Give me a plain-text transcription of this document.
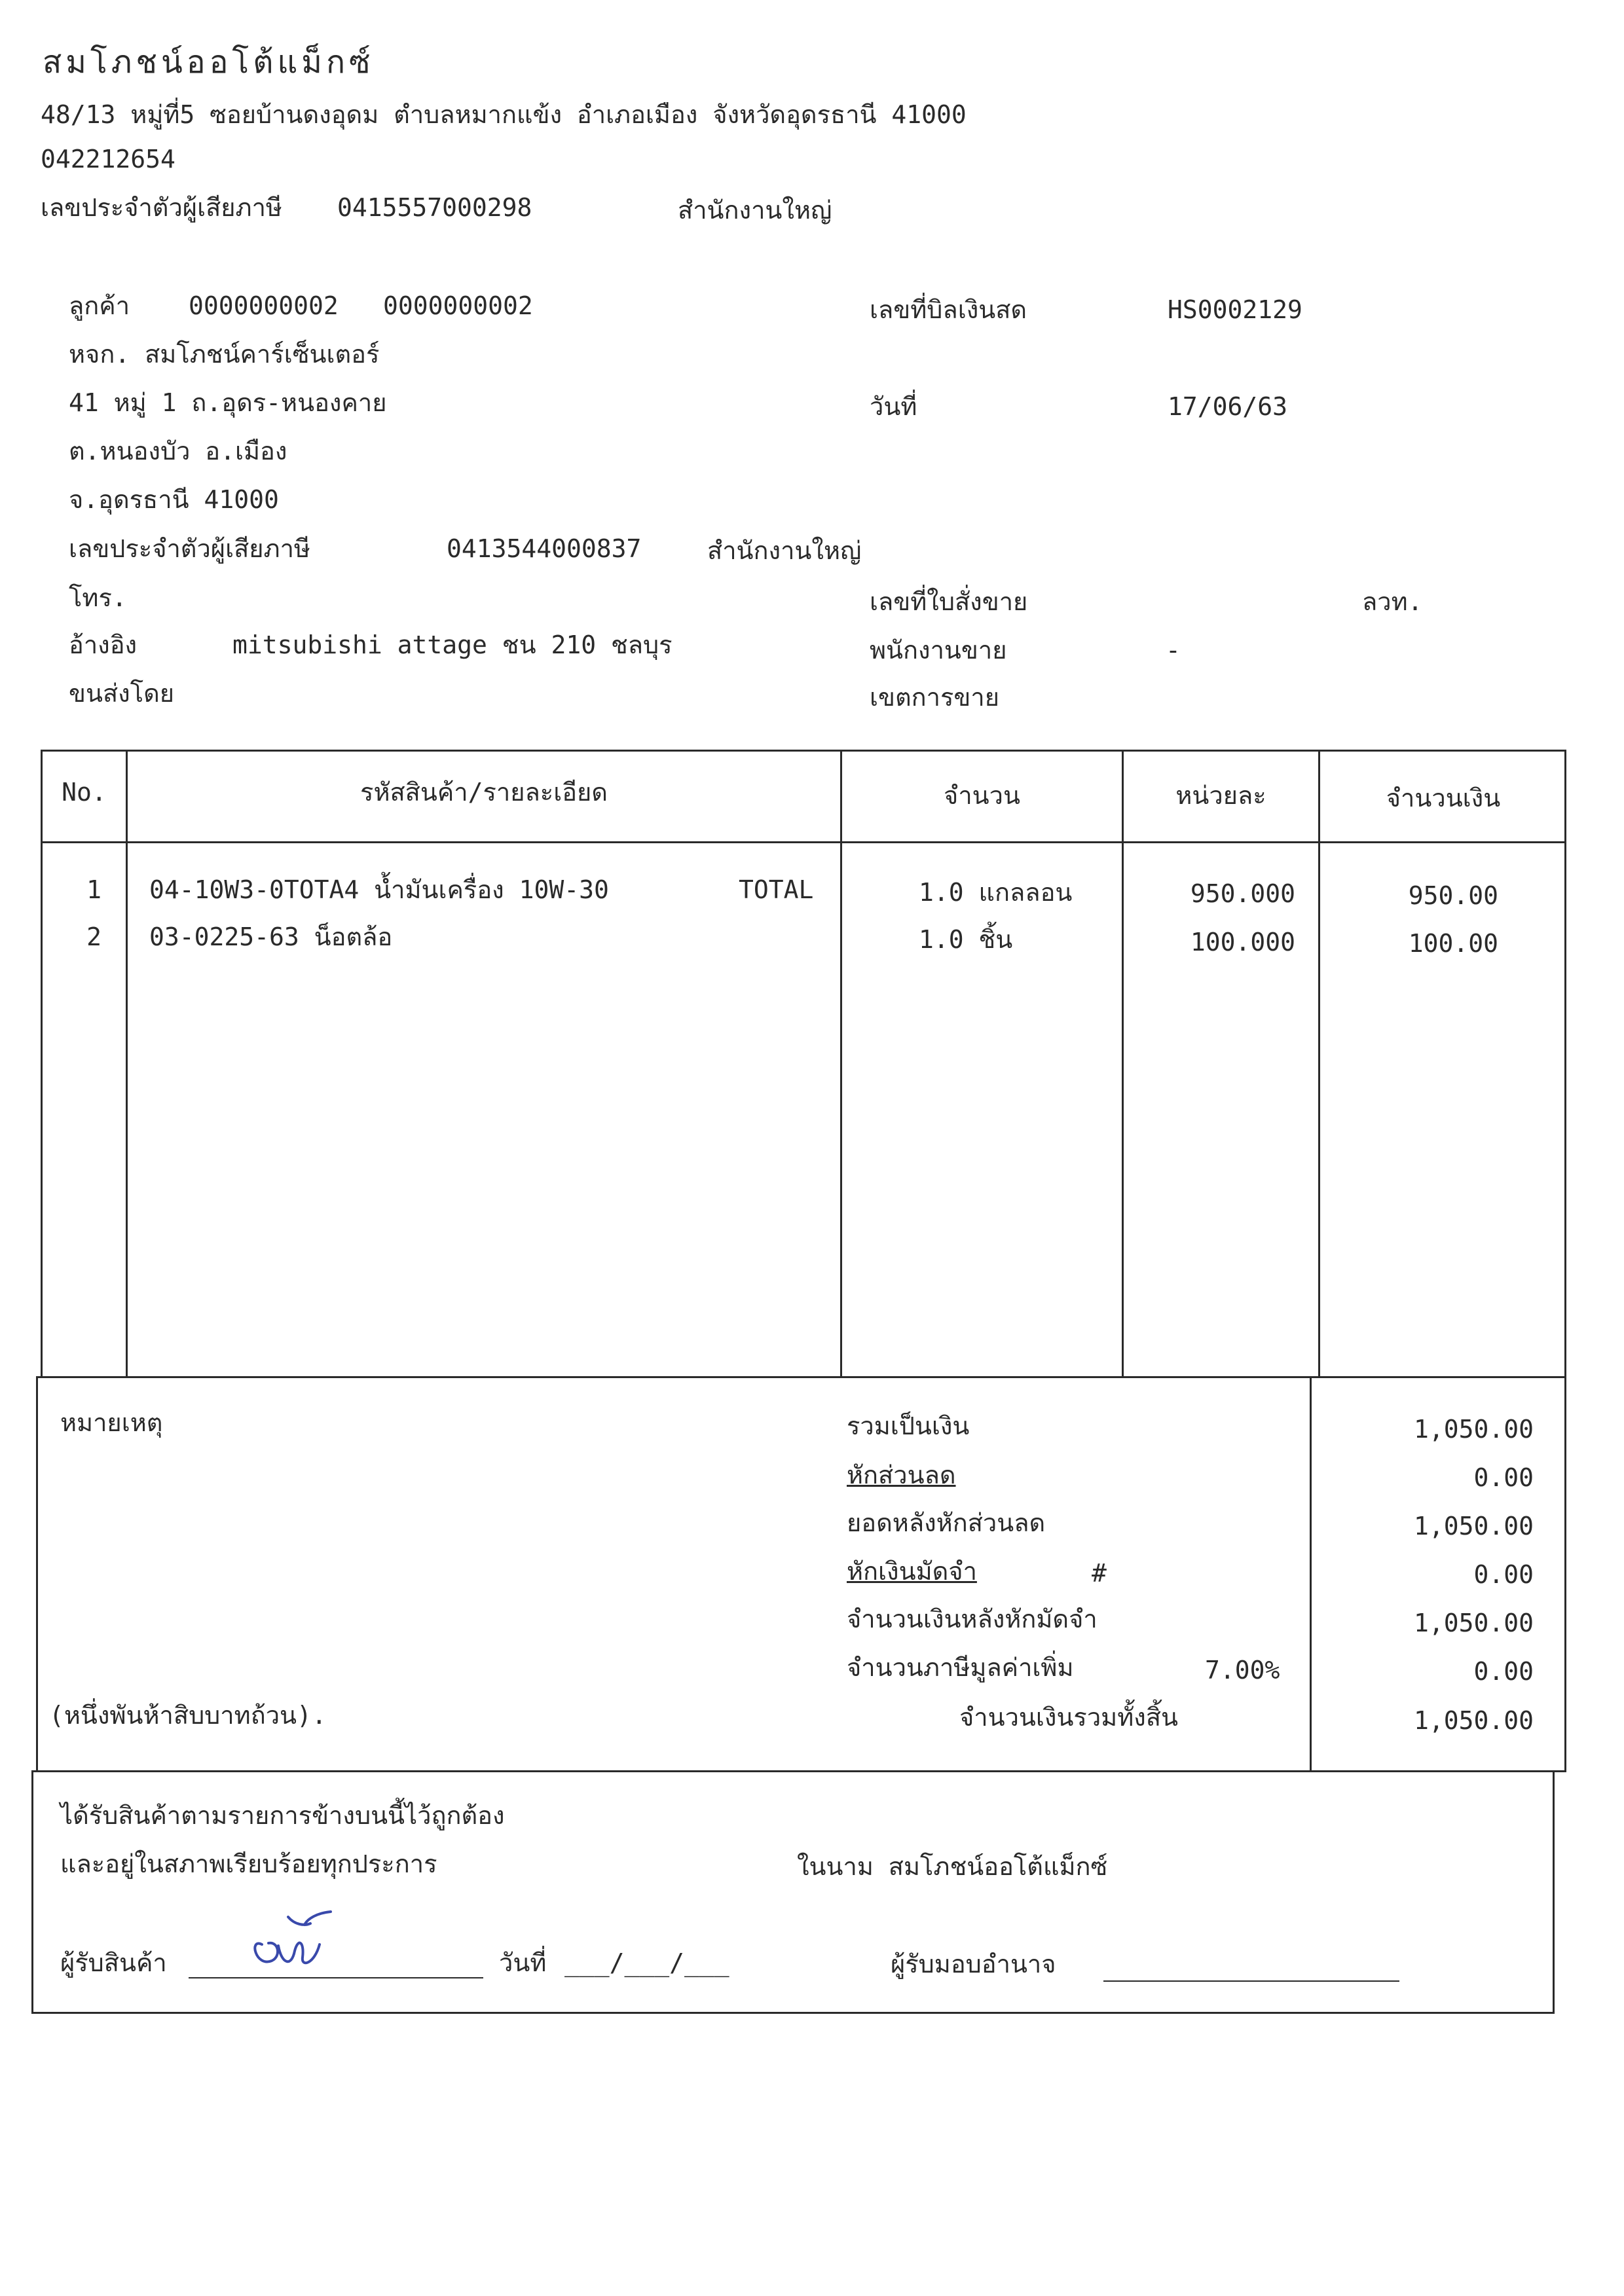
สมโภชน์ออโต้แม็กซ์
48/13 หมู่ที่5 ซอยบ้านดงอุดม ตำบลหมากแข้ง อำเภอเมือง จังหวัดอุดรธานี 41000
042212654
เลขประจำตัวผู้เสียภาษี 0415557000298	สำนักงานใหญ่
ลูกค้า 0000000002 0000000002
หจก. สมโภชน์คาร์เซ็นเตอร์
41 หมู่ 1 ถ.อุดร-หนองคาย
ต.หนองบัว อ.เมือง
จ.อุดรธานี 41000
เลขประจำตัวผู้เสียภาษี	0413544000837	สำนักงานใหญ่
โทร.
อ้างอิง	mitsubishi attage ชน 210 ชลบุร
ขนส่งโดย
เลขที่บิลเงินสด	HS0002129
วันที่	17/06/63
เลขที่ใบสั่งขาย	ลวท.
พนักงานขาย	-
เขตการขาย
No.	รหัสสินค้า/รายละเอียด	จำนวน	หน่วยละ	จำนวนเงิน
1 04-10W3-0TOTA4 น้ำมันเครื่อง 10W-30	TOTAL	1.0 แกลลอน	950.000	950.00
2 03-0225-63 น็อตล้อ	1.0 ชิ้น	100.000	100.00
หมายเหตุ
(หนึ่งพันห้าสิบบาทถ้วน).
รวมเป็นเงิน	1,050.00
หักส่วนลด	0.00
ยอดหลังหักส่วนลด	1,050.00
หักเงินมัดจำ	#	0.00
จำนวนเงินหลังหักมัดจำ	1,050.00
จำนวนภาษีมูลค่าเพิ่ม	7.00%	0.00
จำนวนเงินรวมทั้งสิ้น	1,050.00
ได้รับสินค้าตามรายการข้างบนนี้ไว้ถูกต้อง
และอยู่ในสภาพเรียบร้อยทุกประการ	ในนาม สมโภชน์ออโต้แม็กซ์
ผู้รับสินค้า	วันที่ ___/___/___	ผู้รับมอบอำนาจ
